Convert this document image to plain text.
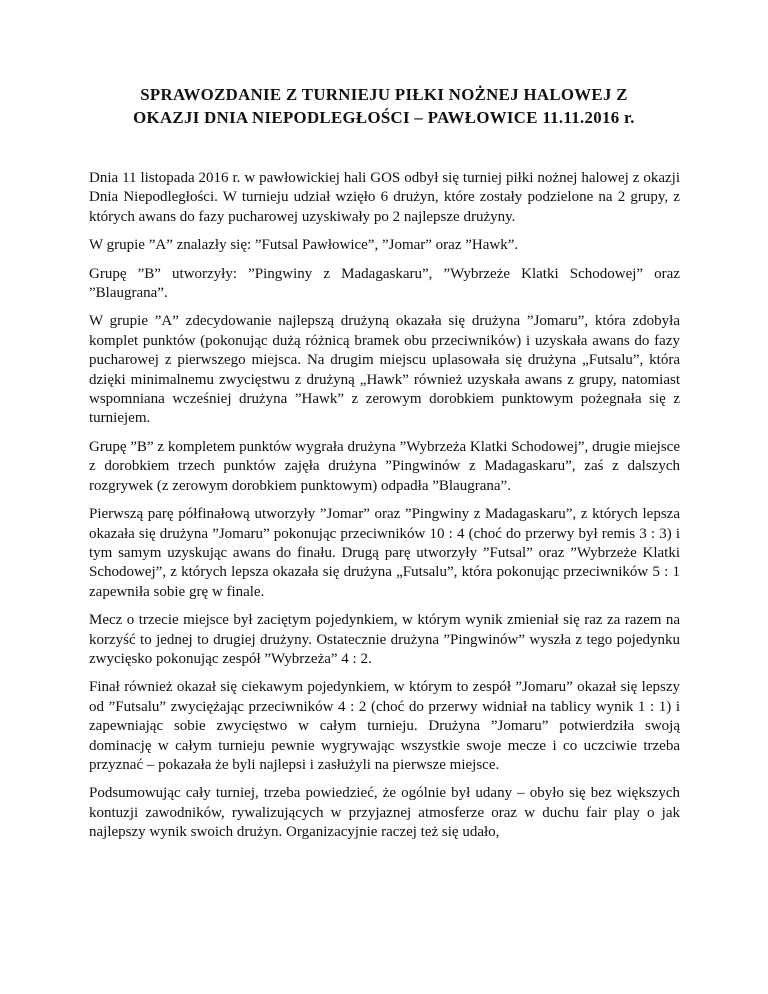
SPRAWOZDANIE Z TURNIEJU PIŁKI NOŻNEJ HALOWEJ Z
OKAZJI DNIA NIEPODLEGŁOŚCI – PAWŁOWICE 11.11.2016 r.

Dnia 11 listopada 2016 r. w pawłowickiej hali GOS odbył się turniej piłki nożnej halowej z okazji Dnia Niepodległości. W turnieju udział wzięło 6 drużyn, które zostały podzielone na 2 grupy, z których awans do fazy pucharowej uzyskiwały po 2 najlepsze drużyny.

W grupie ”A” znalazły się: ”Futsal Pawłowice”, ”Jomar” oraz ”Hawk”.

Grupę ”B” utworzyły: ”Pingwiny z Madagaskaru”, ”Wybrzeże Klatki Schodowej” oraz ”Blaugrana”.

W grupie ”A” zdecydowanie najlepszą drużyną okazała się drużyna ”Jomaru”, która zdobyła komplet punktów (pokonując dużą różnicą bramek obu przeciwników) i uzyskała awans do fazy pucharowej z pierwszego miejsca. Na drugim miejscu uplasowała się drużyna „Futsalu”, która dzięki minimalnemu zwycięstwu z drużyną „Hawk” również uzyskała awans z grupy, natomiast wspomniana wcześniej drużyna ”Hawk” z zerowym dorobkiem punktowym pożegnała się z turniejem.

Grupę ”B” z kompletem punktów wygrała drużyna ”Wybrzeża Klatki Schodowej”, drugie miejsce z dorobkiem trzech punktów zajęła drużyna ”Pingwinów z Madagaskaru”, zaś z dalszych rozgrywek (z zerowym dorobkiem punktowym) odpadła ”Blaugrana”.

Pierwszą parę półfinałową utworzyły ”Jomar” oraz ”Pingwiny z Madagaskaru”, z których lepsza okazała się drużyna ”Jomaru” pokonując przeciwników 10 : 4 (choć do przerwy był remis 3 : 3) i tym samym uzyskując awans do finału. Drugą parę utworzyły ”Futsal” oraz ”Wybrzeże Klatki Schodowej”, z których lepsza okazała się drużyna „Futsalu”, która pokonując przeciwników 5 : 1 zapewniła sobie grę w finale.

Mecz o trzecie miejsce był zaciętym pojedynkiem, w którym wynik zmieniał się raz za razem na korzyść to jednej to drugiej drużyny. Ostatecznie drużyna ”Pingwinów” wyszła z tego pojedynku zwycięsko pokonując zespół ”Wybrzeża” 4 : 2.

Finał również okazał się ciekawym pojedynkiem, w którym to zespół ”Jomaru” okazał się lepszy od ”Futsalu” zwyciężając przeciwników 4 : 2 (choć do przerwy widniał na tablicy wynik 1 : 1) i zapewniając sobie zwycięstwo w całym turnieju. Drużyna ”Jomaru” potwierdziła swoją dominację w całym turnieju pewnie wygrywając wszystkie swoje mecze i co uczciwie trzeba przyznać – pokazała że byli najlepsi i zasłużyli na pierwsze miejsce.

Podsumowując cały turniej, trzeba powiedzieć, że ogólnie był udany – obyło się bez większych kontuzji zawodników, rywalizujących w przyjaznej atmosferze oraz w duchu fair play o jak najlepszy wynik swoich drużyn. Organizacyjnie raczej też się udało,
